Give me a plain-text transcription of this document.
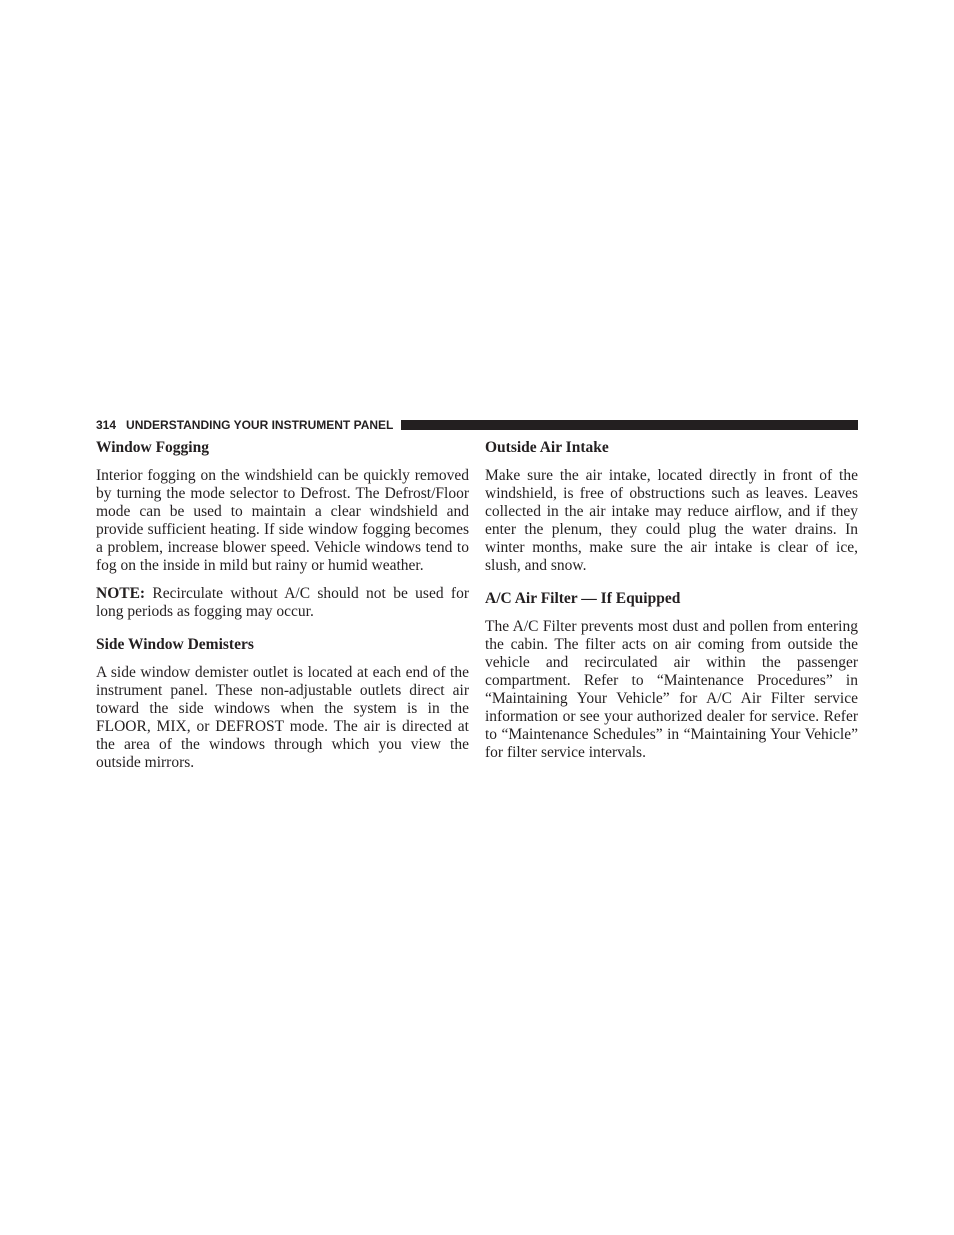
314 UNDERSTANDING YOUR INSTRUMENT PANEL
Window Fogging

Interior fogging on the windshield can be quickly removed by turning the mode selector to Defrost. The Defrost/Floor mode can be used to maintain a clear windshield and provide sufficient heating. If side window fogging becomes a problem, increase blower speed. Vehicle windows tend to fog on the inside in mild but rainy or humid weather.

NOTE: Recirculate without A/C should not be used for long periods as fogging may occur.

Side Window Demisters

A side window demister outlet is located at each end of the instrument panel. These non-adjustable outlets direct air toward the side windows when the system is in the FLOOR, MIX, or DEFROST mode. The air is directed at the area of the windows through which you view the outside mirrors.

Outside Air Intake

Make sure the air intake, located directly in front of the windshield, is free of obstructions such as leaves. Leaves collected in the air intake may reduce airflow, and if they enter the plenum, they could plug the water drains. In winter months, make sure the air intake is clear of ice, slush, and snow.

A/C Air Filter — If Equipped

The A/C Filter prevents most dust and pollen from entering the cabin. The filter acts on air coming from outside the vehicle and recirculated air within the passenger compartment. Refer to “Maintenance Procedures” in “Maintaining Your Vehicle” for A/C Air Filter service information or see your authorized dealer for service. Refer to “Maintenance Schedules” in “Maintaining Your Vehicle” for filter service intervals.
